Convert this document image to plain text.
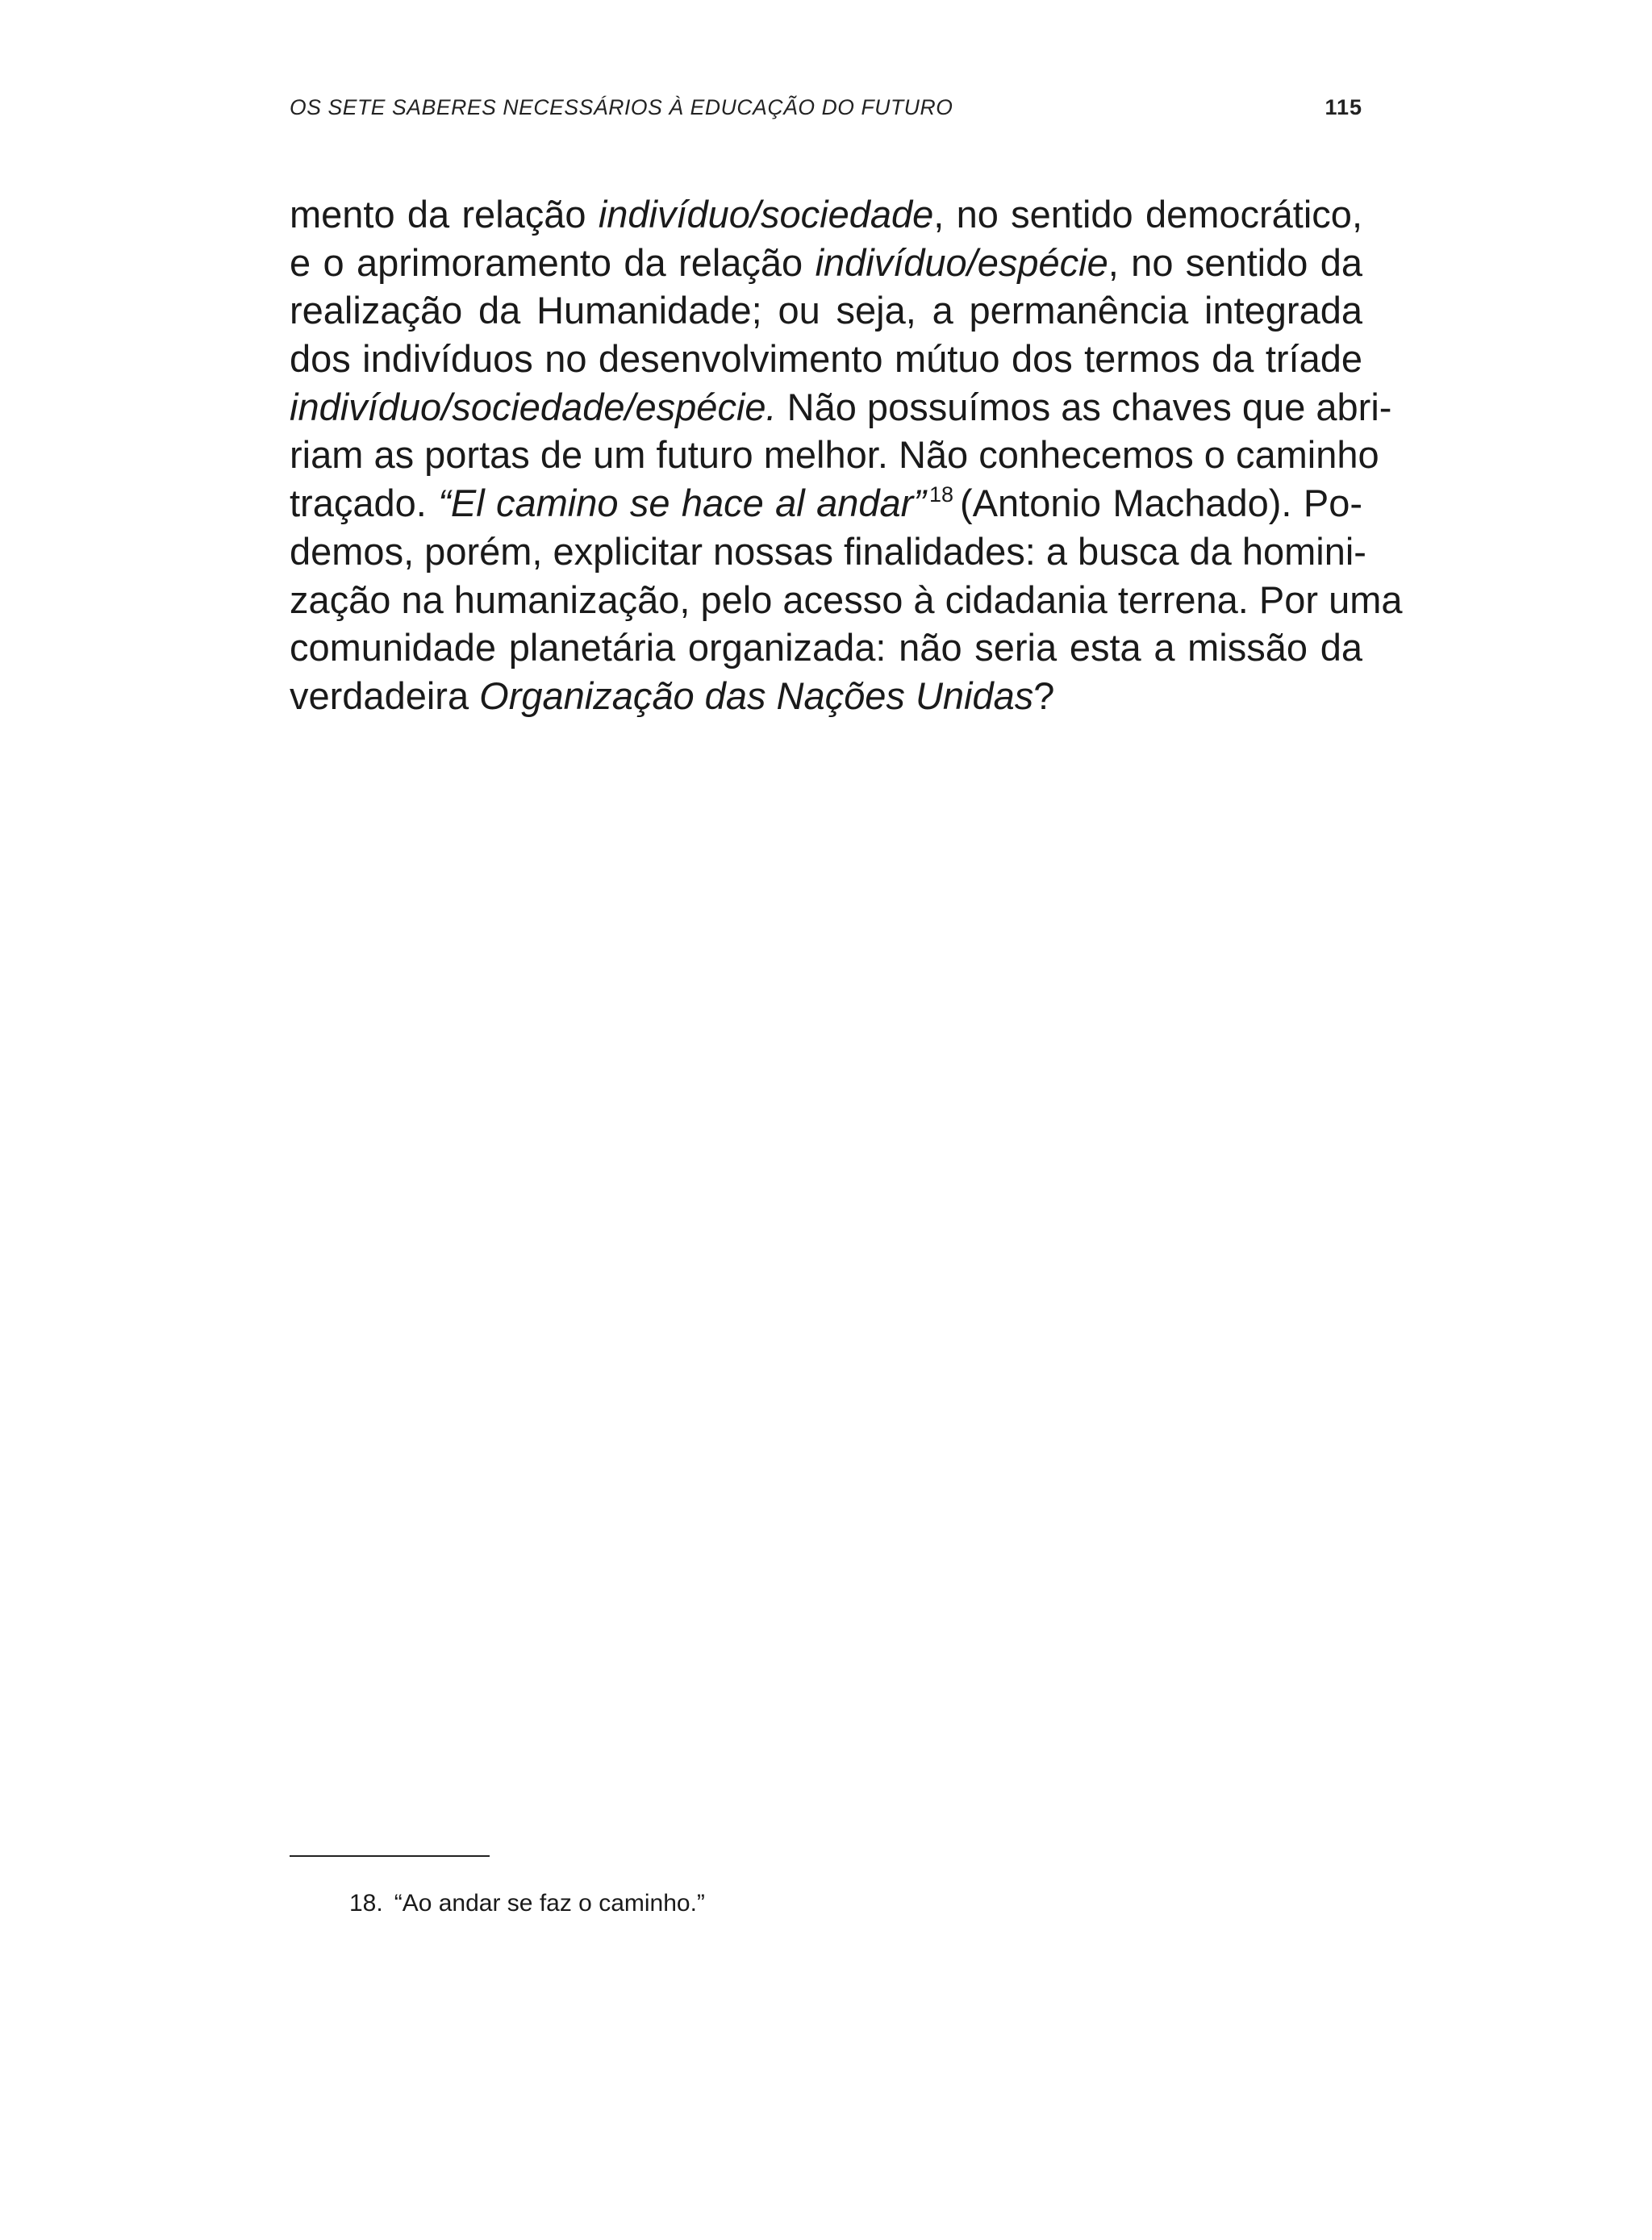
OS SETE SABERES NECESSÁRIOS À EDUCAÇÃO DO FUTURO	115
mento da relação indivíduo/sociedade, no sentido democrático,
e o aprimoramento da relação indivíduo/espécie, no sentido da
realização da Humanidade; ou seja, a permanência integrada
dos indivíduos no desenvolvimento mútuo dos termos da tríade
indivíduo/sociedade/espécie. Não possuímos as chaves que abri-
riam as portas de um futuro melhor. Não conhecemos o caminho
traçado. “El camino se hace al andar” $^{18}$ (Antonio Machado). Po-
demos, porém, explicitar nossas finalidades: a busca da homini-
zação na humanização, pelo acesso à cidadania terrena. Por uma
comunidade planetária organizada: não seria esta a missão da
verdadeira Organização das Nações Unidas?
18. “Ao andar se faz o caminho.”
